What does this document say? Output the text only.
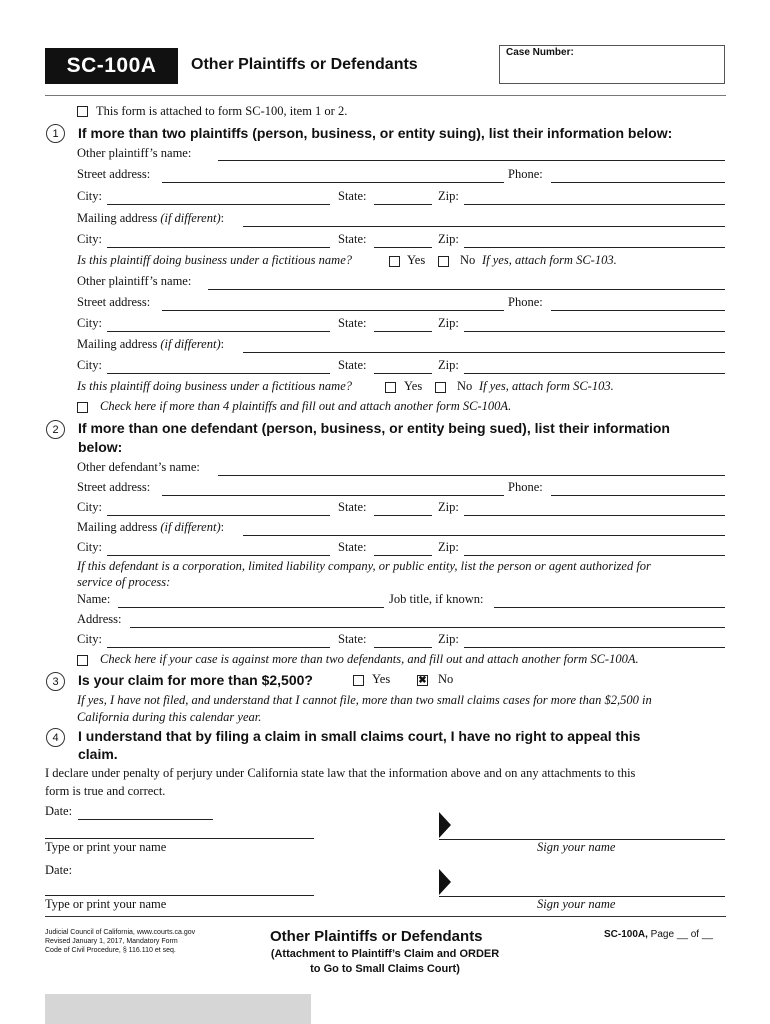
SC-100A Other Plaintiffs or Defendants
Case Number:
This form is attached to form SC-100, item 1 or 2.
1	If more than two plaintiffs (person, business, or entity suing), list their information below:
Other plaintiff’s name:
Street address:	Phone:
City:	State:	Zip:
Mailing address (if different):
City:	State:	Zip:
Is this plaintiff doing business under a fictitious name?	Yes	No If yes, attach form SC-103.
Other plaintiff’s name:
Street address:	Phone:
City:	State:	Zip:
Mailing address (if different):
City:	State:	Zip:
Is this plaintiff doing business under a fictitious name?	Yes	No If yes, attach form SC-103.
Check here if more than 4 plaintiffs and fill out and attach another form SC-100A.
2	If more than one defendant (person, business, or entity being sued), list their information
below:
Other defendant’s name:
Street address:	Phone:
City:	State:	Zip:
Mailing address (if different):
City:	State:	Zip:
If this defendant is a corporation, limited liability company, or public entity, list the person or agent authorized for
service of process:
Name:	Job title, if known:
Address:
City:	State:	Zip:
Check here if your case is against more than two defendants, and fill out and attach another form SC-100A.
3	Is your claim for more than $2,500?	Yes	✖ No
If yes, I have not filed, and understand that I cannot file, more than two small claims cases for more than $2,500 in
California during this calendar year.
4	I understand that by filing a claim in small claims court, I have no right to appeal this
claim.
I declare under penalty of perjury under California state law that the information above and on any attachments to this
form is true and correct.
Date:
Type or print your name	Sign your name
Date:
Type or print your name	Sign your name
Judicial Council of California, www.courts.ca.gov
Revised January 1, 2017, Mandatory Form
Code of Civil Procedure, § 116.110 et seq.
Other Plaintiffs or Defendants
(Attachment to Plaintiff’s Claim and ORDER
to Go to Small Claims Court)
SC-100A, Page __ of __
